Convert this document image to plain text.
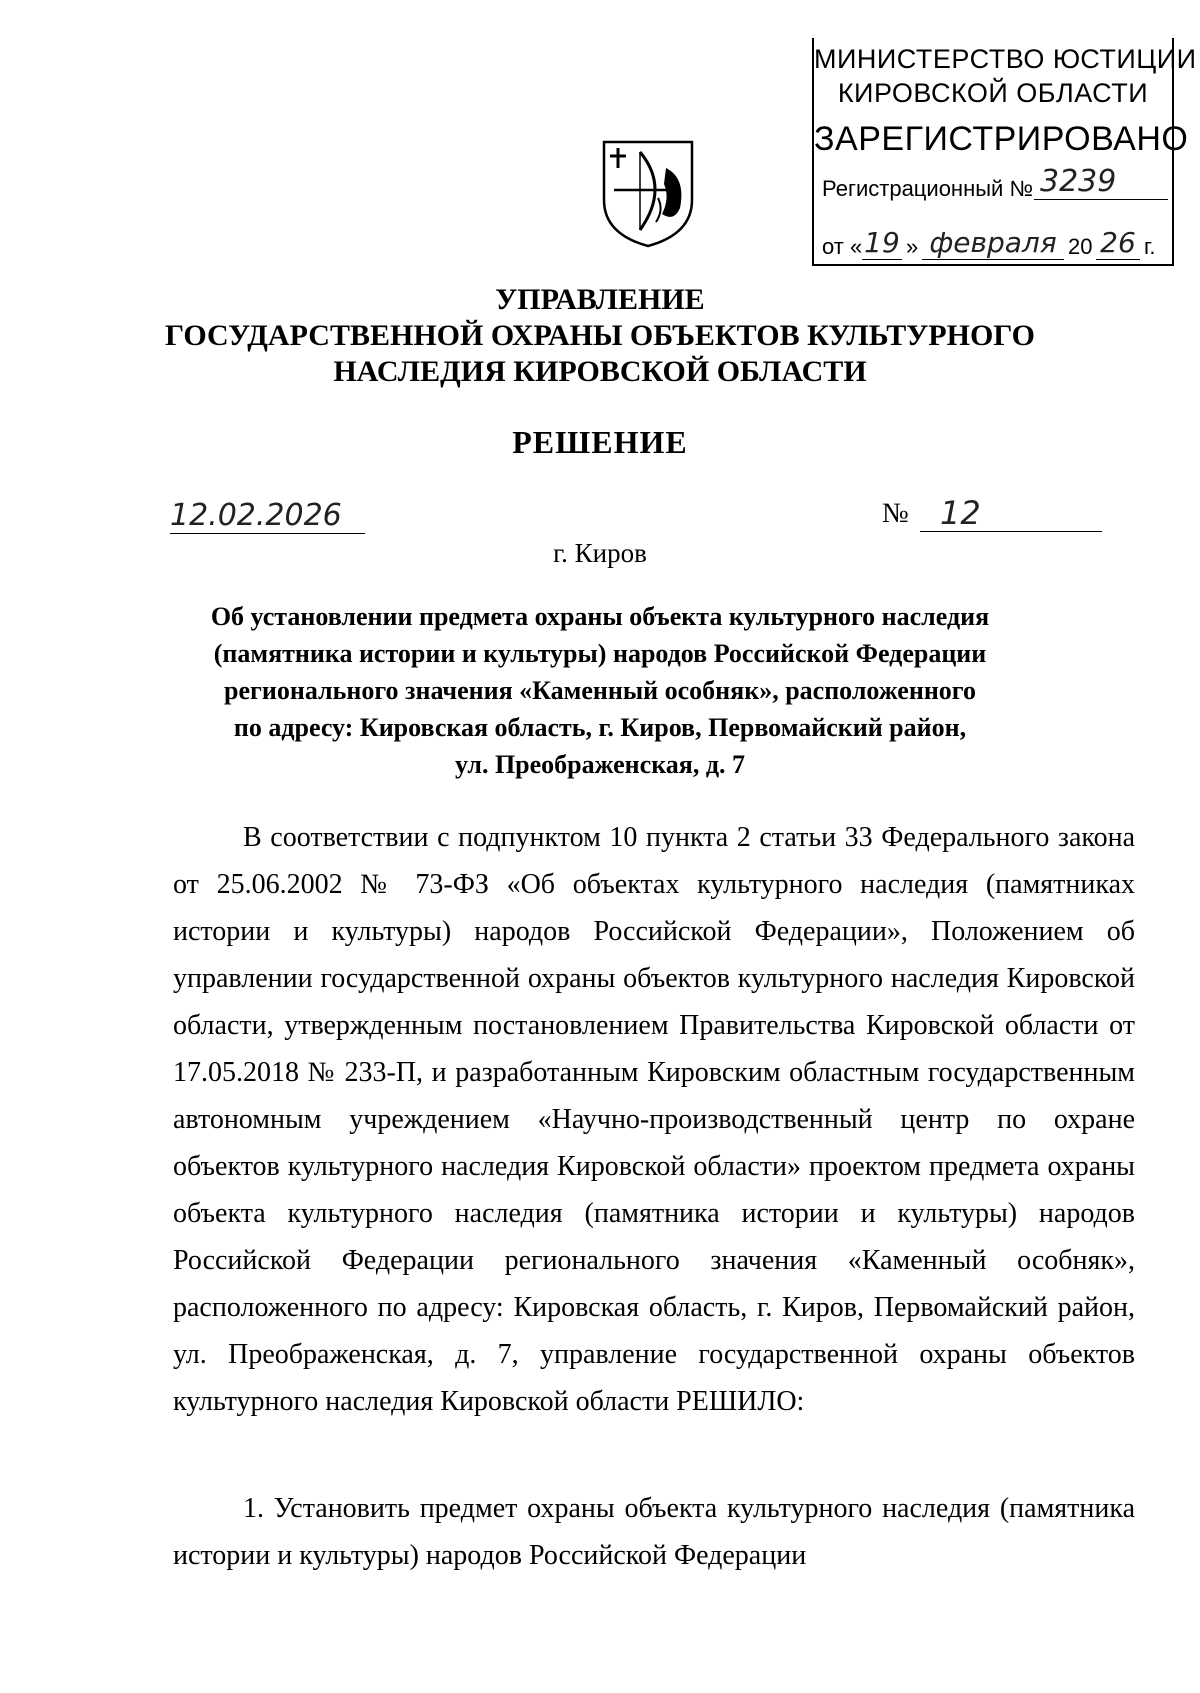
МИНИСТЕРСТВО ЮСТИЦИИ
КИРОВСКОЙ ОБЛАСТИ
ЗАРЕГИСТРИРОВАНО
Регистрационный № 3239
от « 19 » февраля 20 26 г.
УПРАВЛЕНИЕ
ГОСУДАРСТВЕННОЙ ОХРАНЫ ОБЪЕКТОВ КУЛЬТУРНОГО
НАСЛЕДИЯ КИРОВСКОЙ ОБЛАСТИ
РЕШЕНИЕ
12.02.2026	№ 12
г. Киров
Об установлении предмета охраны объекта культурного наследия
(памятника истории и культуры) народов Российской Федерации
регионального значения «Каменный особняк», расположенного
по адресу: Кировская область, г. Киров, Первомайский район,
ул. Преображенская, д. 7

В соответствии с подпунктом 10 пункта 2 статьи 33 Федерального закона от 25.06.2002 № 73-ФЗ «Об объектах культурного наследия (памятниках истории и культуры) народов Российской Федерации», Положением об управлении государственной охраны объектов культурного наследия Кировской области, утвержденным постановлением Правительства Кировской области от 17.05.2018 № 233-П, и разработанным Кировским областным государственным автономным учреждением «Научно-производственный центр по охране объектов культурного наследия Кировской области» проектом предмета охраны объекта культурного наследия (памятника истории и культуры) народов Российской Федерации регионального значения «Каменный особняк», расположенного по адресу: Кировская область, г. Киров, Первомайский район, ул. Преображенская, д. 7, управление государственной охраны объектов культурного наследия Кировской области РЕШИЛО:

1. Установить предмет охраны объекта культурного наследия (памятника истории и культуры) народов Российской Федерации
